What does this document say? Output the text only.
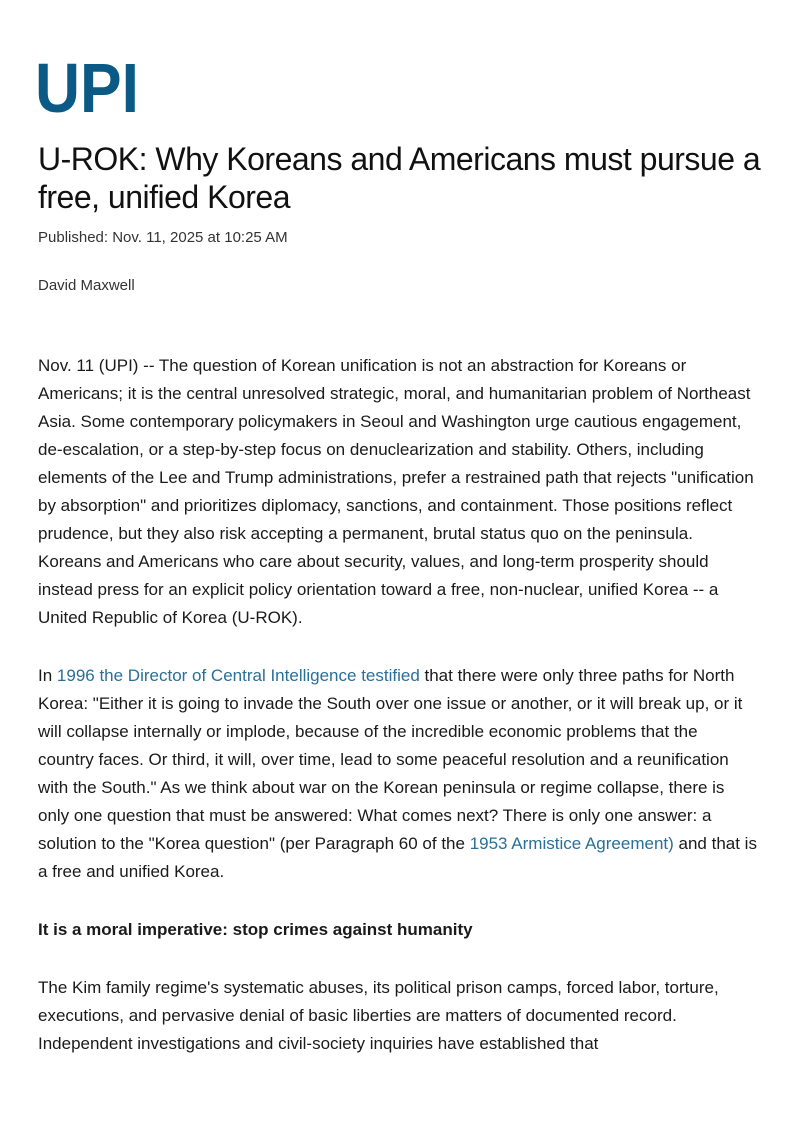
UPI
U-ROK: Why Koreans and Americans must pursue a free, unified Korea
Published: Nov. 11, 2025 at 10:25 AM
David Maxwell

Nov. 11 (UPI) -- The question of Korean unification is not an abstraction for Koreans or Americans; it is the central unresolved strategic, moral, and humanitarian problem of Northeast Asia. Some contemporary policymakers in Seoul and Washington urge cautious engagement, de-escalation, or a step-by-step focus on denuclearization and stability. Others, including elements of the Lee and Trump administrations, prefer a restrained path that rejects "unification by absorption" and prioritizes diplomacy, sanctions, and containment. Those positions reflect prudence, but they also risk accepting a permanent, brutal status quo on the peninsula. Koreans and Americans who care about security, values, and long-term prosperity should instead press for an explicit policy orientation toward a free, non-nuclear, unified Korea -- a United Republic of Korea (U-ROK).

In 1996 the Director of Central Intelligence testified that there were only three paths for North Korea: "Either it is going to invade the South over one issue or another, or it will break up, or it will collapse internally or implode, because of the incredible economic problems that the country faces. Or third, it will, over time, lead to some peaceful resolution and a reunification with the South." As we think about war on the Korean peninsula or regime collapse, there is only one question that must be answered: What comes next? There is only one answer: a solution to the "Korea question" (per Paragraph 60 of the 1953 Armistice Agreement) and that is a free and unified Korea.

It is a moral imperative: stop crimes against humanity

The Kim family regime's systematic abuses, its political prison camps, forced labor, torture, executions, and pervasive denial of basic liberties are matters of documented record. Independent investigations and civil-society inquiries have established that
